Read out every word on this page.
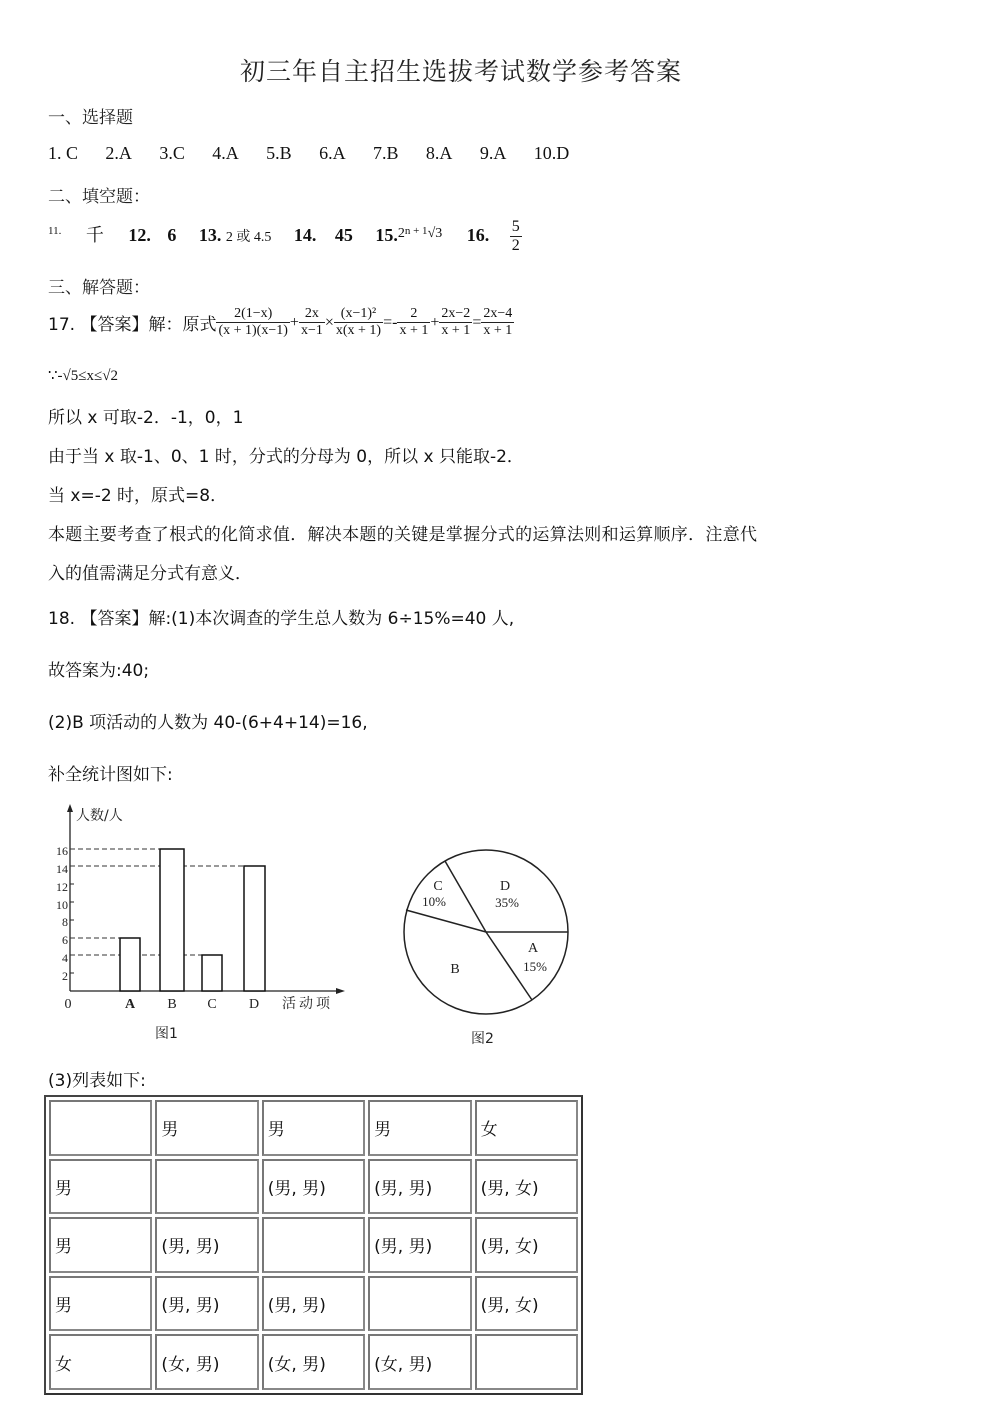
初三年自主招生选拔考试数学参考答案
一、选择题
1. C 2.A 3.C 4.A 5.B 6.A 7.B 8.A 9.A 10.D
二、填空题：
$^{11.}$ 千 12. 6 13. 2 或 4.5 14. 45 15.$^{2n + 1√3}$ 16. $\frac{5}{2}$
三、解答题：
17. 【答案】解：原式 $\frac{2(1-x)}{(x + 1)(x-1)} + \frac{2x}{x-1} \times \frac{\text{(x−1)²}}{x(x + 1)} =- \frac{2}{x + 1} + \frac{2x-2}{x + 1} = \frac{2x-4}{x + 1}$
∵-√5≤x≤√2
所以 x 可取-2．-1，0，1
由于当 x 取-1、0、1 时，分式的分母为 0，所以 x 只能取-2．
当 x=-2 时，原式=8．
本题主要考查了根式的化简求值．解决本题的关键是掌握分式的运算法则和运算顺序．注意代
入的值需满足分式有意义．
18. 【答案】解:(1)本次调查的学生总人数为 6÷15%=40 人,
故答案为:40;
(2)B 项活动的人数为 40-(6+4+14)=16,
补全统计图如下:
人数/人
2
4
6
8
10
12
14
16
0	A B C D 活动项
图1
C
10%
D
35%
A
15%
B
图2
(3)列表如下:
	男	男	男	女
男		(男, 男)	(男, 男)	(男, 女)
男	(男, 男)		(男, 男)	(男, 女)
男	(男, 男)	(男, 男)		(男, 女)
女	(女, 男)	(女, 男)	(女, 男)	
